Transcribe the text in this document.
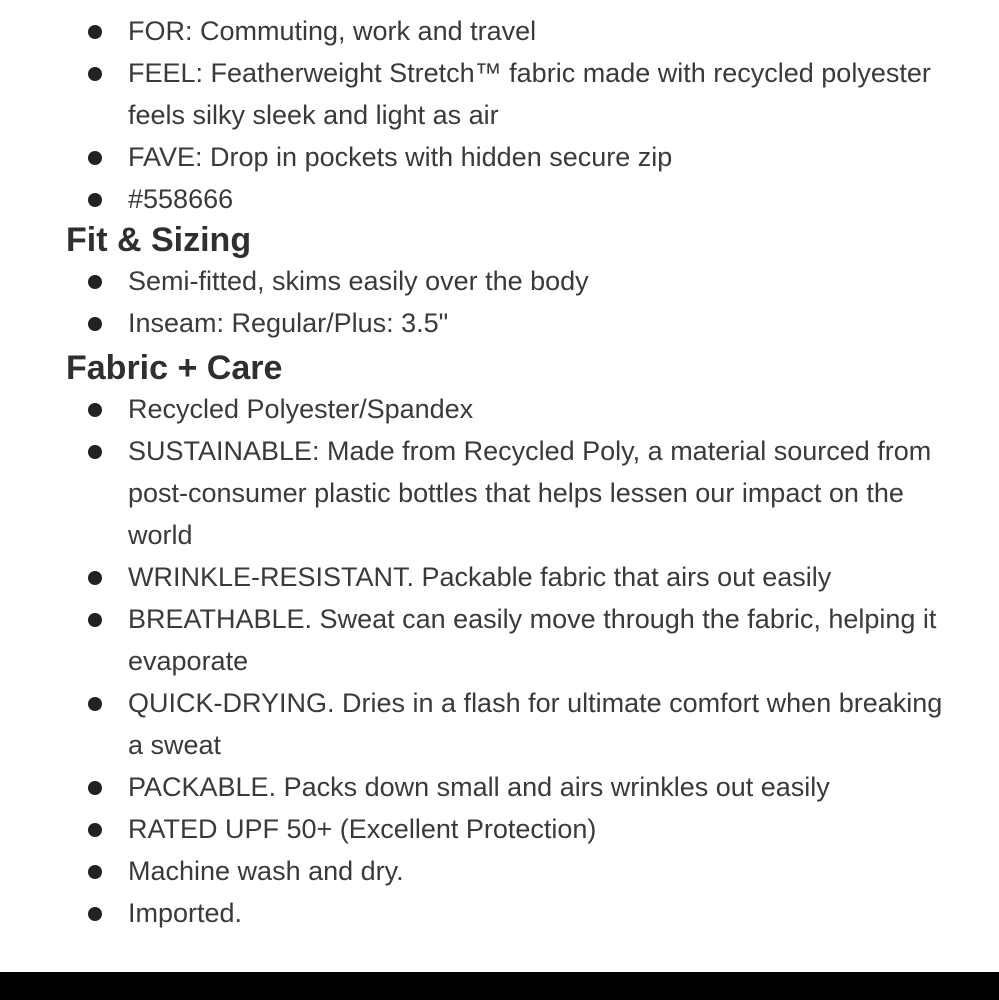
FOR: Commuting, work and travel
FEEL: Featherweight Stretch™ fabric made with recycled polyester feels silky sleek and light as air
FAVE: Drop in pockets with hidden secure zip
#558666
Fit & Sizing
Semi-fitted, skims easily over the body
Inseam: Regular/Plus: 3.5"
Fabric + Care
Recycled Polyester/Spandex
SUSTAINABLE: Made from Recycled Poly, a material sourced from post-consumer plastic bottles that helps lessen our impact on the world
WRINKLE-RESISTANT. Packable fabric that airs out easily
BREATHABLE. Sweat can easily move through the fabric, helping it evaporate
QUICK-DRYING. Dries in a flash for ultimate comfort when breaking a sweat
PACKABLE. Packs down small and airs wrinkles out easily
RATED UPF 50+ (Excellent Protection)
Machine wash and dry.
Imported.
